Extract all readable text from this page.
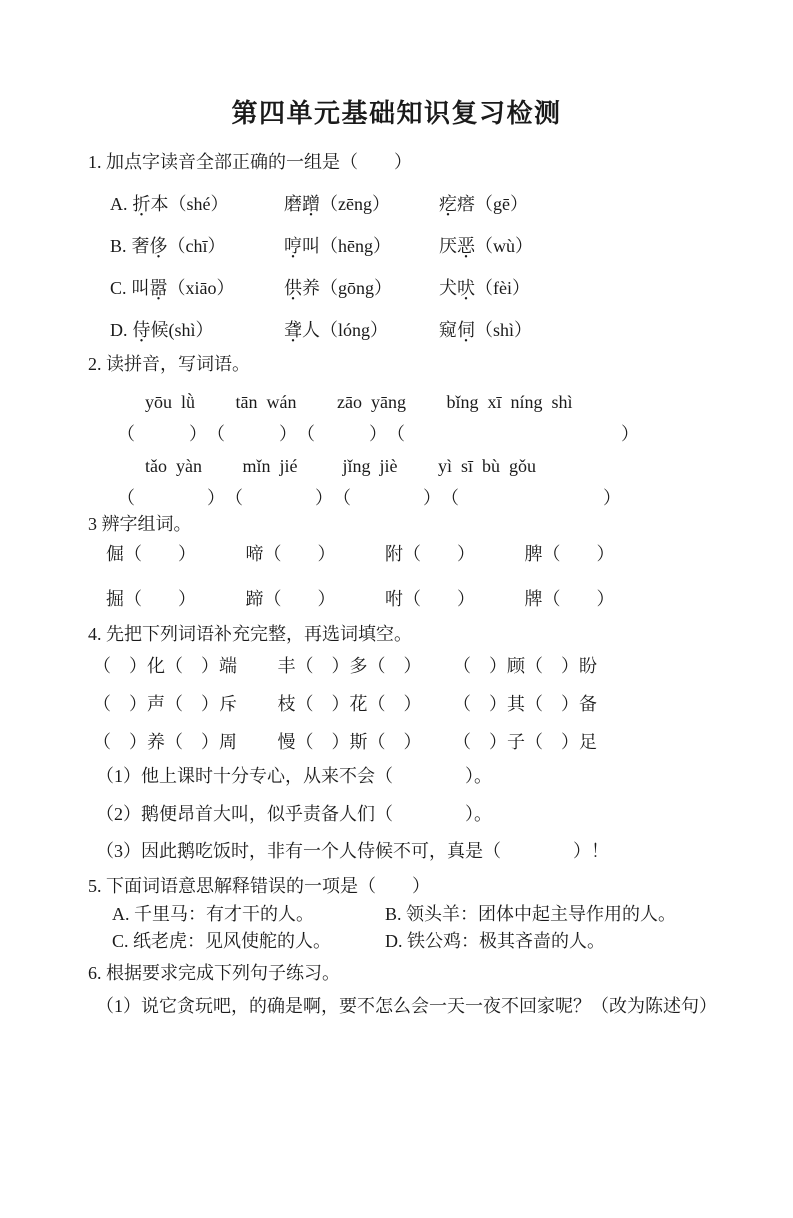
第四单元基础知识复习检测

1. 加点字读音全部正确的一组是（　　）

A. 折本（shé）	磨蹭（zēng）	疙瘩（gē）
B. 奢侈（chī）	哼叫（hēng）	厌恶（wù）
C. 叫嚣（xiāo）	供养（gōng）	犬吠（fèi）
D. 侍候(shì）	聋人（lóng）	窥伺（shì）

2. 读拼音，写词语。

yōu  lǜ　　 tān  wán　　 zāo  yāng　　 bǐng  xī  níng  shì

（　　　）　（　　　）　（　　　）　（　　　　　　　　　　　　）

tǎo  yàn　　 mǐn  jié　　  jǐng  jiè　　 yì  sī  bù  gǒu

（　　　　）　（　　　　）　（　　　　）　（　　　　　　　　）

3 辨字组词。

倔（　　）　　　 啼（　　）　　　 附（　　）　　　 脾（　　）

掘（　　）　　　 蹄（　　）　　　 咐（　　）　　　 牌（　　）

4. 先把下列词语补充完整，再选词填空。

（　）化（　）端　　 丰（　）多（　）　　 （　）顾（　）盼

（　）声（　）斥　　 枝（　）花（　）　　 （　）其（　）备

（　）养（　）周　　 慢（　）斯（　）　　 （　）子（　）足

（1）他上课时十分专心，从来不会（　　　　）。

（2）鹅便昂首大叫，似乎责备人们（　　　　）。

（3）因此鹅吃饭时，非有一个人侍候不可，真是（　　　　）！

5. 下面词语意思解释错误的一项是（　　）

A. 千里马：有才干的人。	B. 领头羊：团体中起主导作用的人。
C. 纸老虎：见风使舵的人。	D. 铁公鸡：极其吝啬的人。

6. 根据要求完成下列句子练习。

（1）说它贪玩吧，的确是啊，要不怎么会一天一夜不回家呢？（改为陈述句）
